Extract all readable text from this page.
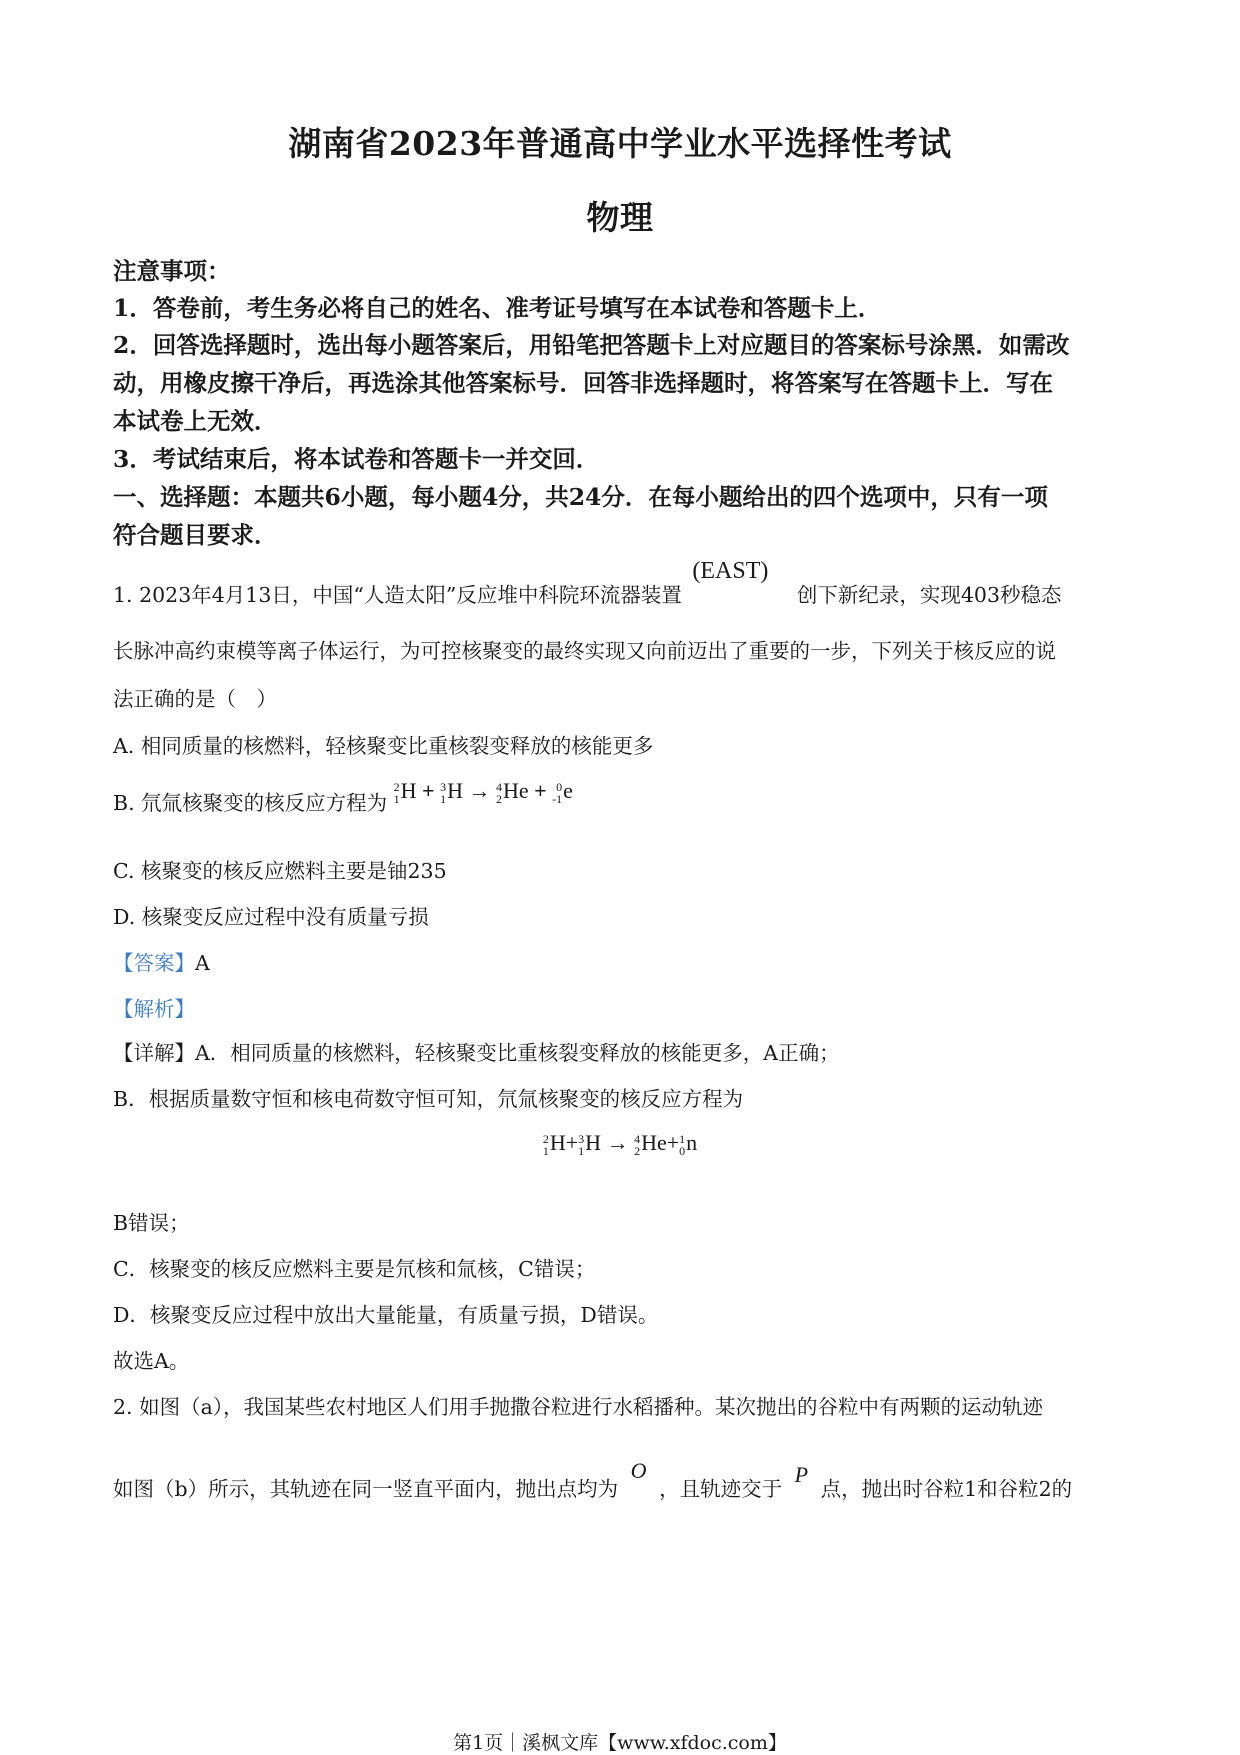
湖南省2023年普通高中学业水平选择性考试
物理
注意事项：
1．答卷前，考生务必将自己的姓名、准考证号填写在本试卷和答题卡上．
2．回答选择题时，选出每小题答案后，用铅笔把答题卡上对应题目的答案标号涂黑．如需改
动，用橡皮擦干净后，再选涂其他答案标号．回答非选择题时，将答案写在答题卡上．写在
本试卷上无效．
3．考试结束后，将本试卷和答题卡一并交回．
一、选择题：本题共6小题，每小题4分，共24分．在每小题给出的四个选项中，只有一项
符合题目要求．
1. 2023年4月13日，中国“人造太阳”反应堆中科院环流器装置 (EAST) 创下新纪录，实现403秒稳态
长脉冲高约束模等离子体运行，为可控核聚变的最终实现又向前迈出了重要的一步，下列关于核反应的说
法正确的是（　）
A. 相同质量的核燃料，轻核聚变比重核裂变释放的核能更多
B. 氘氚核聚变的核反应方程为
2
1 H + 3
1 H → 4
2 He + 0
-1 e
C. 核聚变的核反应燃料主要是铀235
D. 核聚变反应过程中没有质量亏损
【答案】A
【解析】
【详解】A．相同质量的核燃料，轻核聚变比重核裂变释放的核能更多，A正确；
B．根据质量数守恒和核电荷数守恒可知，氘氚核聚变的核反应方程为
2
1 H+ 3
1 H → 4
2 He+ 1
0 n
B错误；
C．核聚变的核反应燃料主要是氘核和氚核，C错误；
D．核聚变反应过程中放出大量能量，有质量亏损，D错误。
故选A。
2. 如图（a），我国某些农村地区人们用手抛撒谷粒进行水稻播种。某次抛出的谷粒中有两颗的运动轨迹
如图（b）所示，其轨迹在同一竖直平面内，抛出点均为 O ，且轨迹交于 P 点，抛出时谷粒1和谷粒2的
第1页｜溪枫文库【www.xfdoc.com】
